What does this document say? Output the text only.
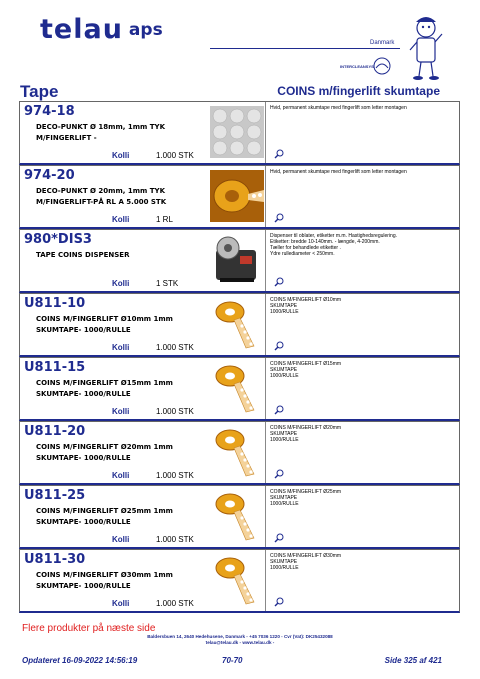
telau aps
Danmark
INTERCLEANSYS
Tape	COINS m/fingerlift skumtape
974-18
DECO-PUNKT Ø 18mm, 1mm TYK
M/FINGERLIFT -
Kolli	1.000 STK
Hvid, permanent skumtape med fingerlift som letter montagen
974-20
DECO-PUNKT Ø 20mm, 1mm TYK
M/FINGERLIFT-PÅ RL A 5.000 STK
Kolli	1 RL
Hvid, permanent skumtape med fingerlift som letter montagen
980*DIS3
TAPE COINS DISPENSER
Kolli	1 STK
Dispenser til oblater, etiketter m.m. Hastighedsregulering.
Etiketter: bredde 10-140mm. - længde, 4-200mm.
Tæller for behandlede etiketter .
Ydre rullediameter < 250mm.
U811-10
COINS M/FINGERLIFT Ø10mm 1mm
SKUMTAPE- 1000/RULLE
Kolli	1.000 STK
COINS M/FINGERLIFT Ø10mm
SKUMTAPE
1000/RULLE
U811-15
COINS M/FINGERLIFT Ø15mm 1mm
SKUMTAPE- 1000/RULLE
Kolli	1.000 STK
COINS M/FINGERLIFT Ø15mm
SKUMTAPE
1000/RULLE
U811-20
COINS M/FINGERLIFT Ø20mm 1mm
SKUMTAPE- 1000/RULLE
Kolli	1.000 STK
COINS M/FINGERLIFT Ø20mm
SKUMTAPE
1000/RULLE
U811-25
COINS M/FINGERLIFT Ø25mm 1mm
SKUMTAPE- 1000/RULLE
Kolli	1.000 STK
COINS M/FINGERLIFT Ø25mm
SKUMTAPE
1000/RULLE
U811-30
COINS M/FINGERLIFT Ø30mm 1mm
SKUMTAPE- 1000/RULLE
Kolli	1.000 STK
COINS M/FINGERLIFT Ø30mm
SKUMTAPE
1000/RULLE
Flere produkter på næste side
Baldersbuen 14, 2640 Hedehusene, Danmark - +45 7036 1220 - Cvr (Vat): DK25432088
telau@telau.dk - www.telau.dk -
Opdateret 16-09-2022 14:56:19	70-70	Side 325 af 421
